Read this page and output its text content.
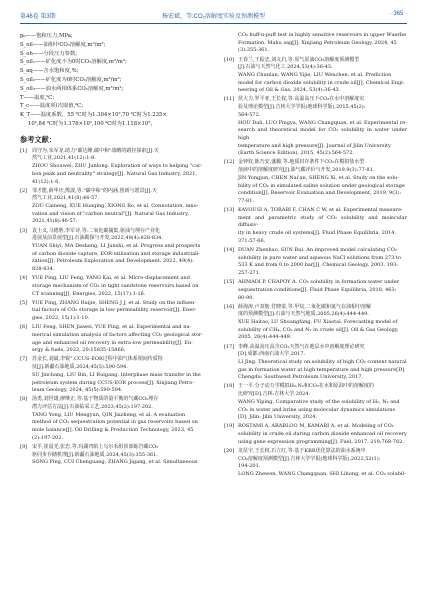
第46卷 第3期	杨宏斌，等:CO₂溶解度实验及预测模型	· 365 ·
p₀——饱和压力,MPa;
S_oil——油相中CO₂溶解度,m³/m³;
S_oh——分段压力参数;
S_oil₁——矿化度不为0时CO₂溶解度,m³/m³;
S_aq——含水饱和度,%;
S_oil₂——矿化度为0时CO₂溶解度,m³/m³;
S_oil₃——油水两相体系CO₂溶解度,m³/m³;
T——温度,℃;
T_c——温度项(次取值,℃;
K_T——温度系数，55 ℃时为1.304×10²,70 ℃时为1.235×
10²,84 ℃时为1.176×10²,100 ℃时为1.118×10²。
参考文献：
[1] 周守为,朱军龙.助力"碳达峰,碳中和"战略的路径探索[J].天
然气工业,2021,41(12):1-8.
ZHOU Shouwei, ZHU Junlong. Exploration of ways to helping "car-
bon peak and neutrality" strategy[J]. Natural Gas Industry, 2021,
41(12):1-8.
[2] 邹才能,薛华庆,熊波,等."碳中和"的内涵,创新与愿景[J].天
然气工业,2021,41(8):46-57.
ZOU Caineng, XUE Huaqing, XIONG Bo, et al. Connotation, inno-
vation and vision of "carbon neutral"[J]. Natural Gas Industry,
2021,41(8):46-57.
[3] 袁士义,马德胜,李军诗,等.二氧化碳捕集,驱油与埋存产业化
进展及前景展望[J].石油勘探与开发,2022,49(4):828-834.
YUAN Shiyi, MA Desheng, LI Junshi, et al. Progress and prospects
of carbon dioxide capture, EOR-utilization and storage industriali-
zation[J]. Petroleum Exploration and Development, 2022, 49(4):
828-834.
[4] YUE Ping, LIU Feng, YANG Kai, et al. Micro-displacement and
storage mechanism of CO₂ in tight sandstone reservoirs based on
CT scanning[J]. Energies, 2022, 15(17):1-16.
[5] YUE Ping, ZHANG Ruijie, SHENG J J, et al. Study on the influen-
tial factors of CO₂ storage in low permeability reservoir[J]. Ener-
gies, 2022, 15(1):1-10.
[6] LIU Feng, SHEN Jiawei, YUE Ping, et al. Experimental and nu-
merical simulation analysis of factors affecting CO₂ geological stor-
age and enhanced oil recovery in extra-low permeability[J]. En-
ergy & fuels, 2023, 20:15835-15866.
[7] 苏金长,刘斌,李锐".CCUS-EOR过程中油气体系相间传质特
征[J].新疆石油地质,2024,45(5):590-594.
SU Jinchang, LIU Bin, LI Ruigang. Interphase mass transfer in the
petroleum system during CCUS-EOR process[J]. Xinjiang Petro-
leum Geology, 2024, 45(5):590-594.
[8] 汤勇,刘世雄,廖继正,等.基于物质的量平衡的气藏CO₂埋存
潜力评估方法[J].石油钻采工艺,2023,45(2):197-202.
TANG Yong, LIU Mengyun, QIN Jiazheng, et al. A evaluation
method of CO₂ sequestration potential in gas reservoirs based on
mole balance[J]. Oil Drilling & Production Technology, 2023, 45
(2):197-202.
[9] 宋平,崔晨光,张忠,等.玛湖凹陷上乌尔禾组顶部砾岩藏CO₂
驱同步存储机理[J].新疆石油地质,2024,45(3):355-361.
SONG Ping, CUI Chenguang, ZHANG Jigang, et al. Simultaneous
CO₂ huff-n-puff test in highly sensitive reservoirs in upper Wuerhe
Formation, Mahu sag[J]. Xinjiang Petroleum Geology, 2024, 45
(3):355-361.
[10] 王春兰,王振忠,刘文启,等.原气原油CO₂溶解度预测模型
[J].石油与天然气化工,2024,53(4):36-43.
WANG Chunlan, WANG Yijie, LIU Wenchen, et al. Prediction
model for carbon dioxide solubility in crude oil[J]. Chemical Engi-
neering of Oil & Gas, 2024, 53(4):36-43.
[11] 侯大力,罗平亚,王长权,等.高温高压下CO₂在水中溶解度实
验及理论模型[J].吉林大学学报(地球科学版),2015,45(2):
564-572.
HOU Dali, LUO Pingya, WANG Changquan, et al. Experimental re-
search and theoretical model for CO₂ solubility in water under high
temperature and high pressure[J]. Journal of Jilin University
(Earth Science Edition), 2015, 45(2):564-572.
[12] 金钟钦,陈乃安,盛璐,等.地质封存条件下CO₂在模拟盐水型
溶液中的溶解度研究[J].油气藏评价与开发,2019,9(3):77-81.
JIN Yongjun, CHEN Nai'an, SHENG Xi, et al. Study on the solu-
bility of CO₂ in simulated saline solution under geological storage
condition[J]. Reservoir Evaluation and Development, 2019, 9(3):
77-81.
[13] KAVOUSI A, TORABI F, CHAN C W, et al. Experimental measure-
ment and parametric study of CO₂ solubility and molecular diffusiv-
ity in heavy crude oil systems[J]. Fluid Phase Equilibria, 2014,
371:57-66.
[14] DUAN Zhenhao, SUN Rui. An improved model calculating CO₂
solubility in pure water and aqueous NaCl solutions from 273 to
533 K and from 0 to 2000 bar[J]. Chemical Geology, 2003, 193:
257-271.
[15] AHMADI P, CHAPOY A. CO₂ solubility in formation water under
sequestration conditions[J]. Fluid Phase Equilibria, 2018, 463:
80-90.
[16] 薛海涛,卢双舫,付晓泰,等.甲烷,二氧化碳和氮气在油相中溶解
度的预测模型[J].石油与天然气地质,2005,26(4):444-449.
XUE Haitao, LU Shuangfang, FU Xiaotai. Forecasting model of
solubility of CH₄, CO₂ and N₂ in crude oil[J]. Oil & Gas Geology,
2005, 26(4):444-449.
[17] 李峰.高温高压高含CO₂天然气在地层水中溶解度理论研究
[D].成都:西南石油大学,2017.
LI Jing. Theoretical study on solubility of high CO₂ content natural
gas in formation water at high temperature and high pressure[D].
Chengdu: Southwest Petroleum University, 2017.
[18] 王一平.分子动力学模拟H₂,N₂和CO₂在水和原油中的溶解度的
比研究[D].吉林:吉林大学,2024.
WANG Yiping. Comparative study of the solubility of H₂, N₂ and
CO₂ in water and brine using molecular dynamics simulations
[D]. Jilin: Jilin University, 2024.
[19] ROSTAMI A, ARABLOO M, KAMARI A, et al. Modeling of CO₂
solubility in crude oil during carbon dioxide enhanced oil recovery
using gene expression programming[J]. Fuel, 2017, 210:768-782.
[20] 龙昆宇,王长权,石立红,等.基于KRR优化算法的油水系统中
CO₂溶解度预测模型[J].吉林大学学报(地球科学版),2022,52(1):
194-201.
LONG Zhewen, WANG Changquan, SHI Lihong, et al. CO₂ solubil-
